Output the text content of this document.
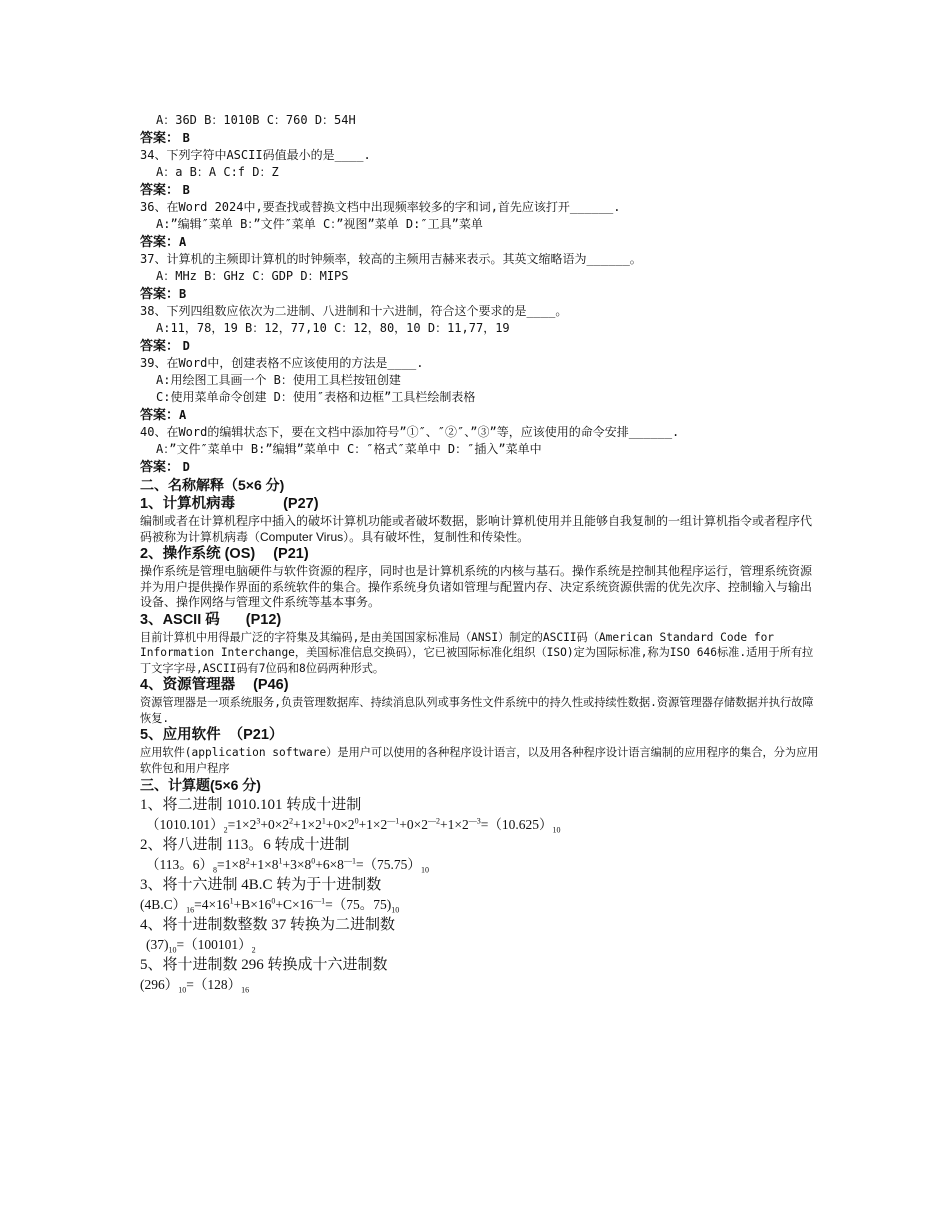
A：36D B：1010B C：760 D：54H
答案： B
34、下列字符中ASCII码值最小的是____.
A：a B：A C:f D：Z
答案： B
36、在Word 2024中,要查找或替换文档中出现频率较多的字和词,首先应该打开______.
A:”编辑″菜单 B：”文件″菜单 C：”视图”菜单 D:″工具”菜单
答案：A
37、计算机的主频即计算机的时钟频率，较高的主频用吉赫来表示。其英文缩略语为______。
A：MHz B：GHz C：GDP D：MIPS
答案：B
38、下列四组数应依次为二进制、八进制和十六进制，符合这个要求的是____。
A:11，78，19 B：12，77,10 C：12，80，10 D：11,77，19
答案： D
39、在Word中，创建表格不应该使用的方法是____.
A:用绘图工具画一个 B：使用工具栏按钮创建
C:使用菜单命令创建 D：使用″表格和边框”工具栏绘制表格
答案：A
40、在Word的编辑状态下，要在文档中添加符号”①″、″②″、”③”等，应该使用的命令安排______.
A：”文件″菜单中 B:”编辑”菜单中 C：″格式″菜单中 D：″插入”菜单中
答案： D
二、名称解释（5×6 分)
1、计算机病毒	(P27)
编制或者在计算机程序中插入的破坏计算机功能或者破坏数据，影响计算机使用并且能够自我复制的一组计算机指令或者程序代码被称为计算机病毒（Computer Virus）。具有破坏性，复制性和传染性。
2、操作系统 (OS) (P21)
操作系统是管理电脑硬件与软件资源的程序，同时也是计算机系统的内核与基石。操作系统是控制其他程序运行，管理系统资源并为用户提供操作界面的系统软件的集合。操作系统身负诸如管理与配置内存、决定系统资源供需的优先次序、控制输入与输出设备、操作网络与管理文件系统等基本事务。
3、ASCII 码 (P12)
目前计算机中用得最广泛的字符集及其编码,是由美国国家标准局（ANSI）制定的ASCII码（American Standard Code for Information Interchange，美国标准信息交换码），它已被国际标准化组织（ISO)定为国际标准,称为ISO 646标准.适用于所有拉丁文字字母,ASCII码有7位码和8位码两种形式。
4、资源管理器 (P46)
资源管理器是一项系统服务,负责管理数据库、持续消息队列或事务性文件系统中的持久性或持续性数据.资源管理器存储数据并执行故障恢复.
5、应用软件 （P21）
应用软件(application software）是用户可以使用的各种程序设计语言，以及用各种程序设计语言编制的应用程序的集合，分为应用软件包和用户程序
三、计算题(5×6 分)
1、将二进制 1010.101 转成十进制
$(1010.101)_2=1\times 2^3+0\times 2^2+1\times 2^1+0\times 2^0+1\times 2^{—1}+0\times 2^{—2}+1\times 2^{—3}=(10.625)_{10}$
2、将八进制 113。6 转成十进制
（113。$6)_8=1\times 8^2+1\times 8^1+3\times 8^0+6\times 8^{—1}=(75.75)_{10}$
3、将十六进制 4B.C 转为于十进制数
$(4B.C)_{16}=4\times 16^1+B\times 16^0+C\times 16^{—1}=(75$。$75)_{10}$
4、将十进制数整数 37 转换为二进制数
$(37)_{10}=(100101)_2$
5、将十进制数 296 转换成十六进制数
$(296)_{10}=(128)_{16}$
